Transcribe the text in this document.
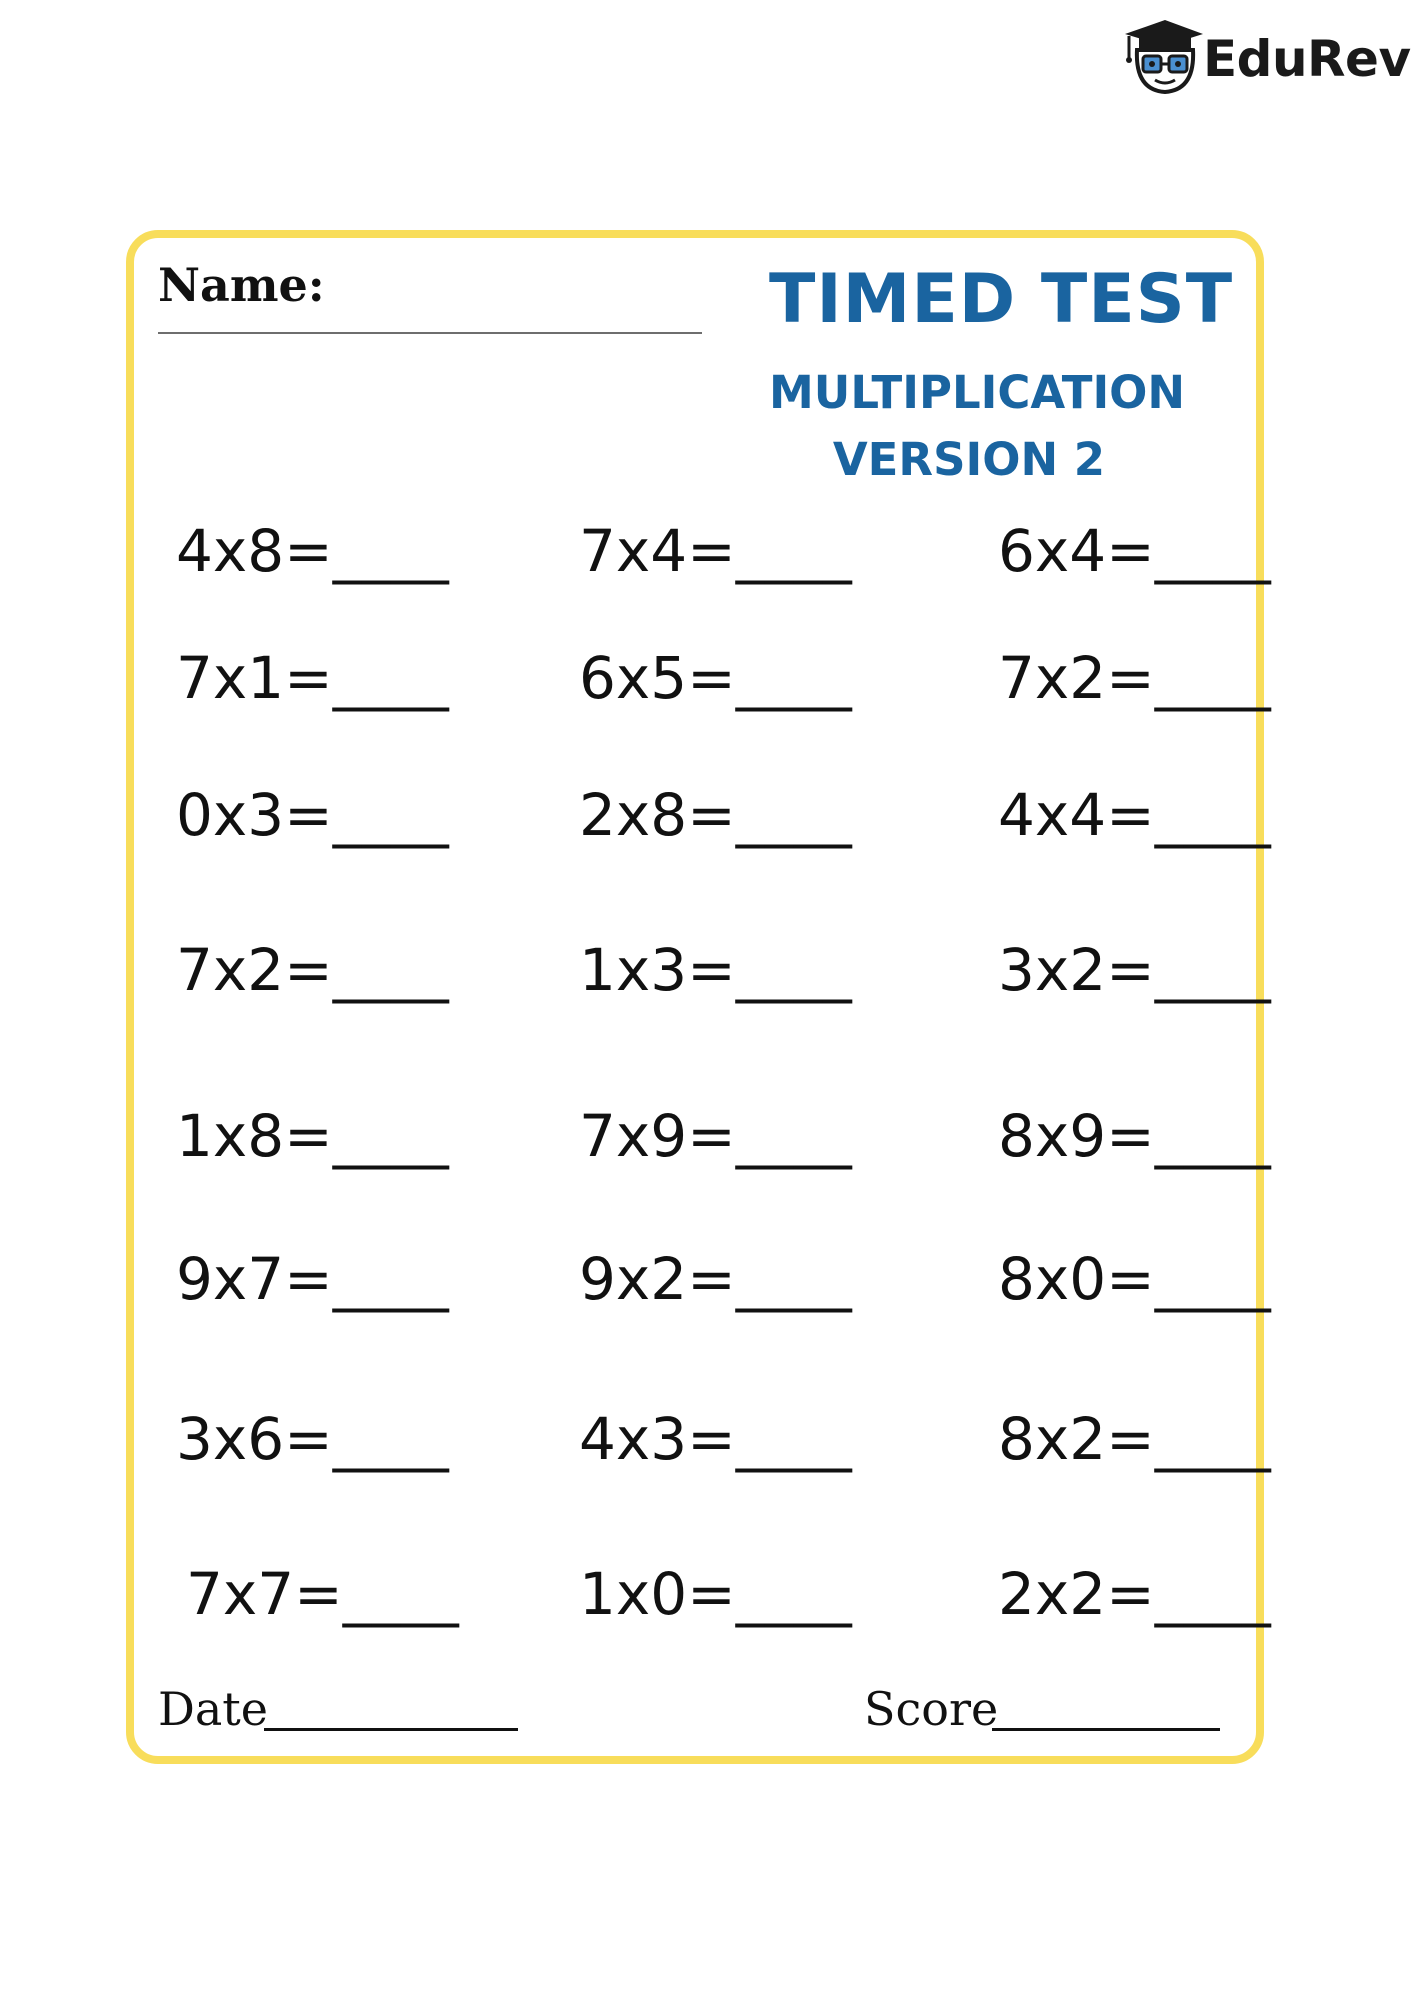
EduRev
Name:	TIMED TEST
MULTIPLICATION
VERSION 2
4x8=____ 7x4=____	6x4=____
7x1=____ 6x5=____	7x2=____
0x3=____ 2x8=____	4x4=____
7x2=____ 1x3=____	3x2=____
1x8=____ 7x9=____	8x9=____
9x7=____ 9x2=____	8x0=____
3x6=____ 4x3=____	8x2=____
7x7=____ 1x0=____	2x2=____
Date	Score
